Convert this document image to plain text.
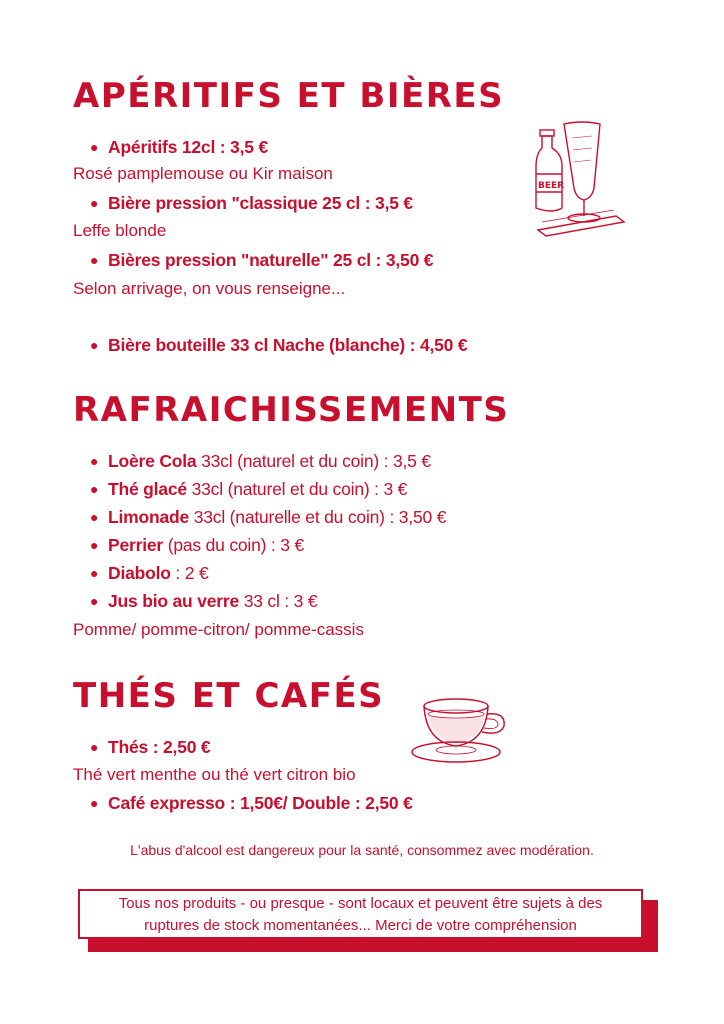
APÉRITIFS ET BIÈRES

● Apéritifs 12cl : 3,5 €

Rosé pamplemouse ou Kir maison

● Bière pression "classique 25 cl : 3,5 €

Leffe blonde

● Bières pression "naturelle" 25 cl : 3,50 €

Selon arrivage, on vous renseigne...

● Bière bouteille 33 cl Nache (blanche) : 4,50 €

BEER
RAFRAICHISSEMENTS

● Loère Cola 33cl (naturel et du coin) : 3,5 €

● Thé glacé 33cl (naturel et du coin) : 3 €

● Limonade 33cl (naturelle et du coin) : 3,50 €

● Perrier (pas du coin) : 3 €

● Diabolo : 2 €

● Jus bio au verre 33 cl : 3 €

Pomme/ pomme-citron/ pomme-cassis

THÉS ET CAFÉS

● Thés : 2,50 €

Thé vert menthe ou thé vert citron bio

● Café expresso : 1,50€/ Double : 2,50 €

L'abus d'alcool est dangereux pour la santé, consommez avec modération.
Tous nos produits - ou presque - sont locaux et peuvent être sujets à des
ruptures de stock momentanées... Merci de votre compréhension
